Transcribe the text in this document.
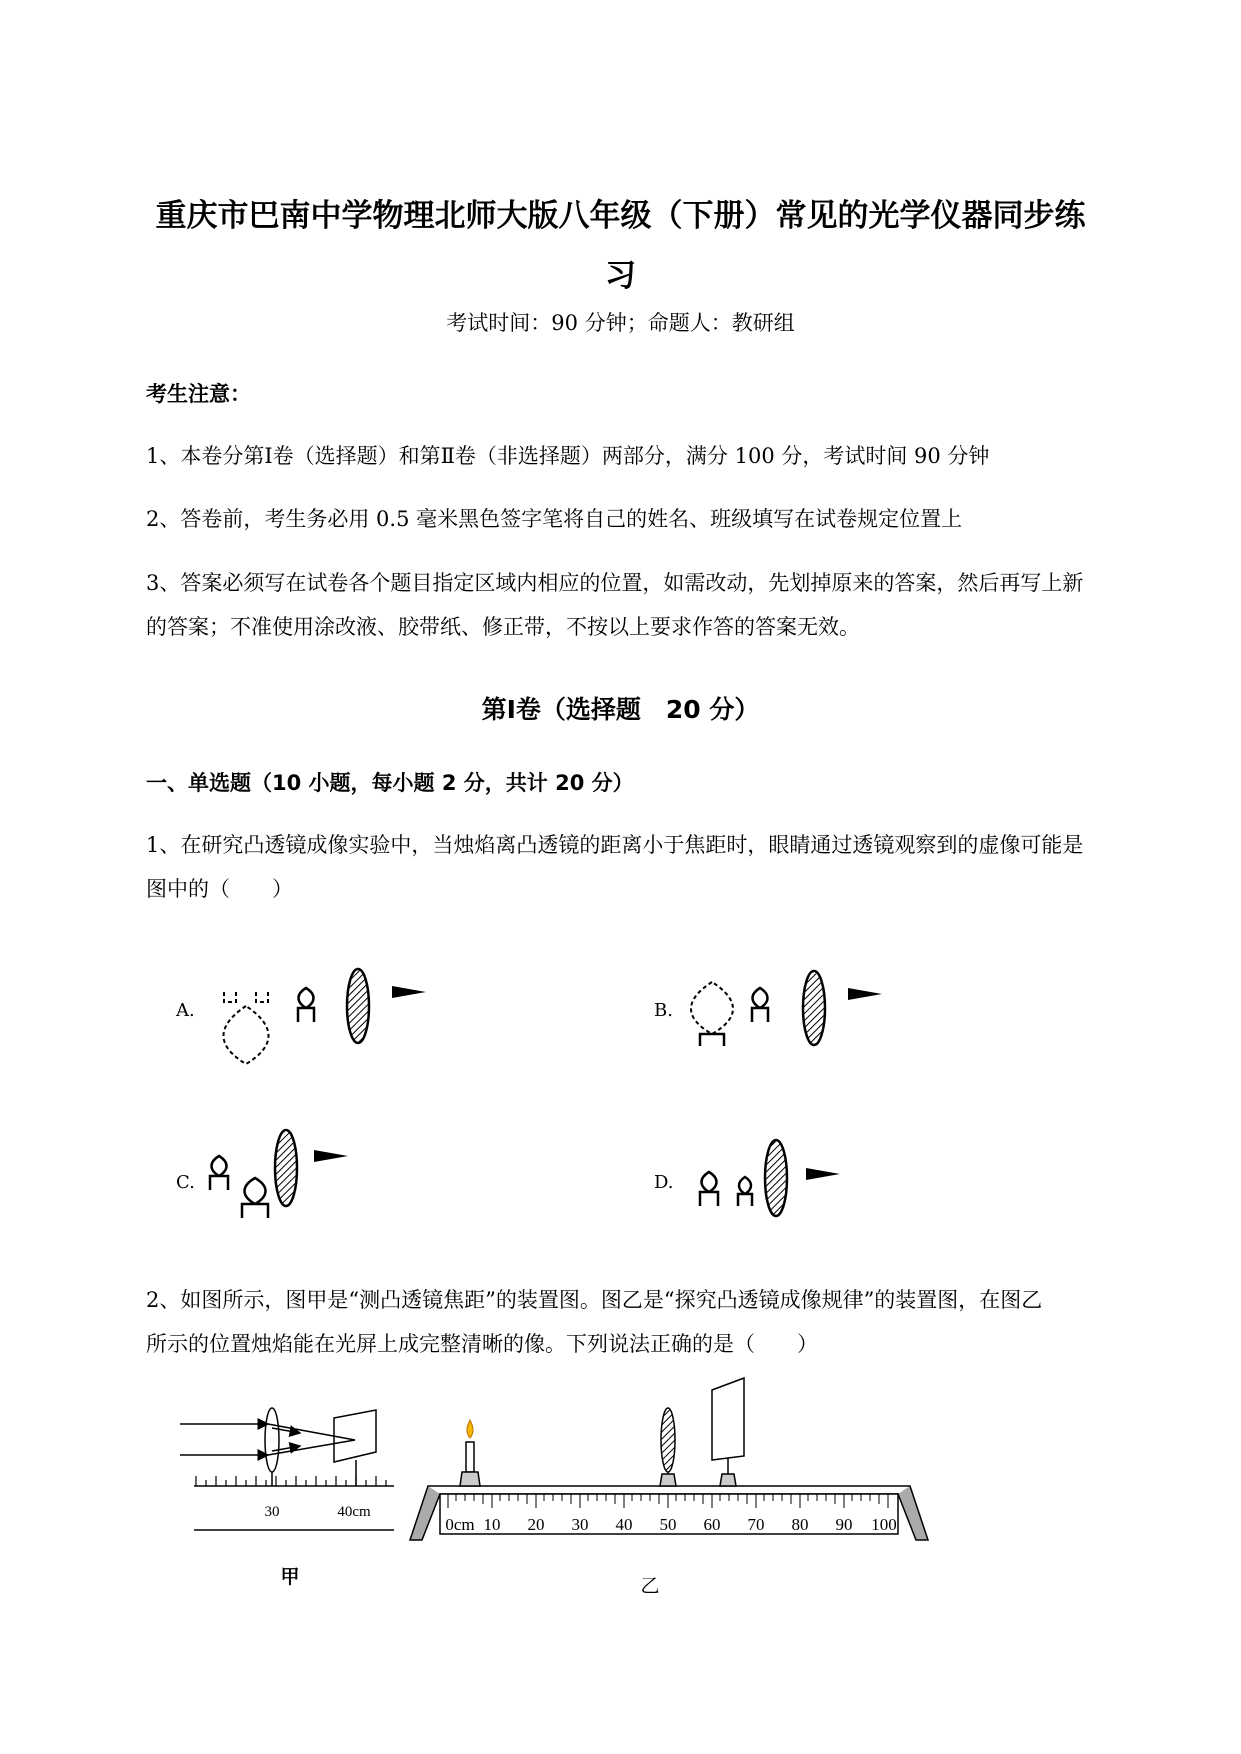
重庆市巴南中学物理北师大版八年级（下册）常见的光学仪器同步练
习
考试时间：90 分钟；命题人：教研组
考生注意：
1、本卷分第Ⅰ卷（选择题）和第Ⅱ卷（非选择题）两部分，满分 100 分，考试时间 90 分钟
2、答卷前，考生务必用 0.5 毫米黑色签字笔将自己的姓名、班级填写在试卷规定位置上
3、答案必须写在试卷各个题目指定区域内相应的位置，如需改动，先划掉原来的答案，然后再写上新
的答案；不准使用涂改液、胶带纸、修正带，不按以上要求作答的答案无效。
第Ⅰ卷（选择题　20 分）
一、单选题（10 小题，每小题 2 分，共计 20 分）
1、在研究凸透镜成像实验中，当烛焰离凸透镜的距离小于焦距时，眼睛通过透镜观察到的虚像可能是
图中的（　　）
A.	B.
C.	D.
30	40cm
甲
0cm 10 20 30 40 50 60 70 80 90 100
乙
2、如图所示，图甲是“测凸透镜焦距”的装置图。图乙是“探究凸透镜成像规律”的装置图，在图乙
所示的位置烛焰能在光屏上成完整清晰的像。下列说法正确的是（　　）
